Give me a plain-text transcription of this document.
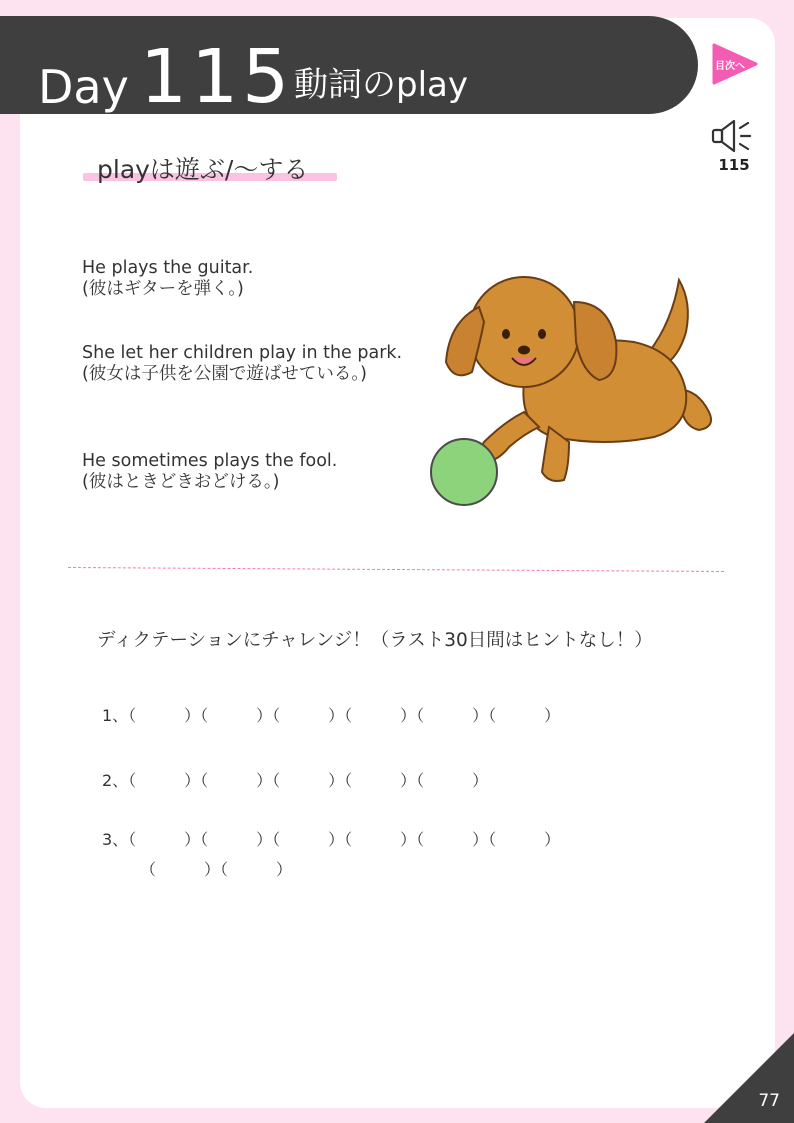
Day 115 動詞のplay	目次へ
115
playは遊ぶ/〜する
He plays the guitar.
(彼はギターを弾く。)
She let her children play in the park.
(彼女は子供を公園で遊ばせている。)
He sometimes plays the fool.
(彼はときどきおどける。)
ディクテーションにチャレンジ！（ラスト30日間はヒントなし！）
1、（　　　）（　　　）（　　　）（　　　）（　　　）（　　　）
2、（　　　）（　　　）（　　　）（　　　）（　　　）
3、（　　　）（　　　）（　　　）（　　　）（　　　）（　　　）
（　　　）（　　　）
77
